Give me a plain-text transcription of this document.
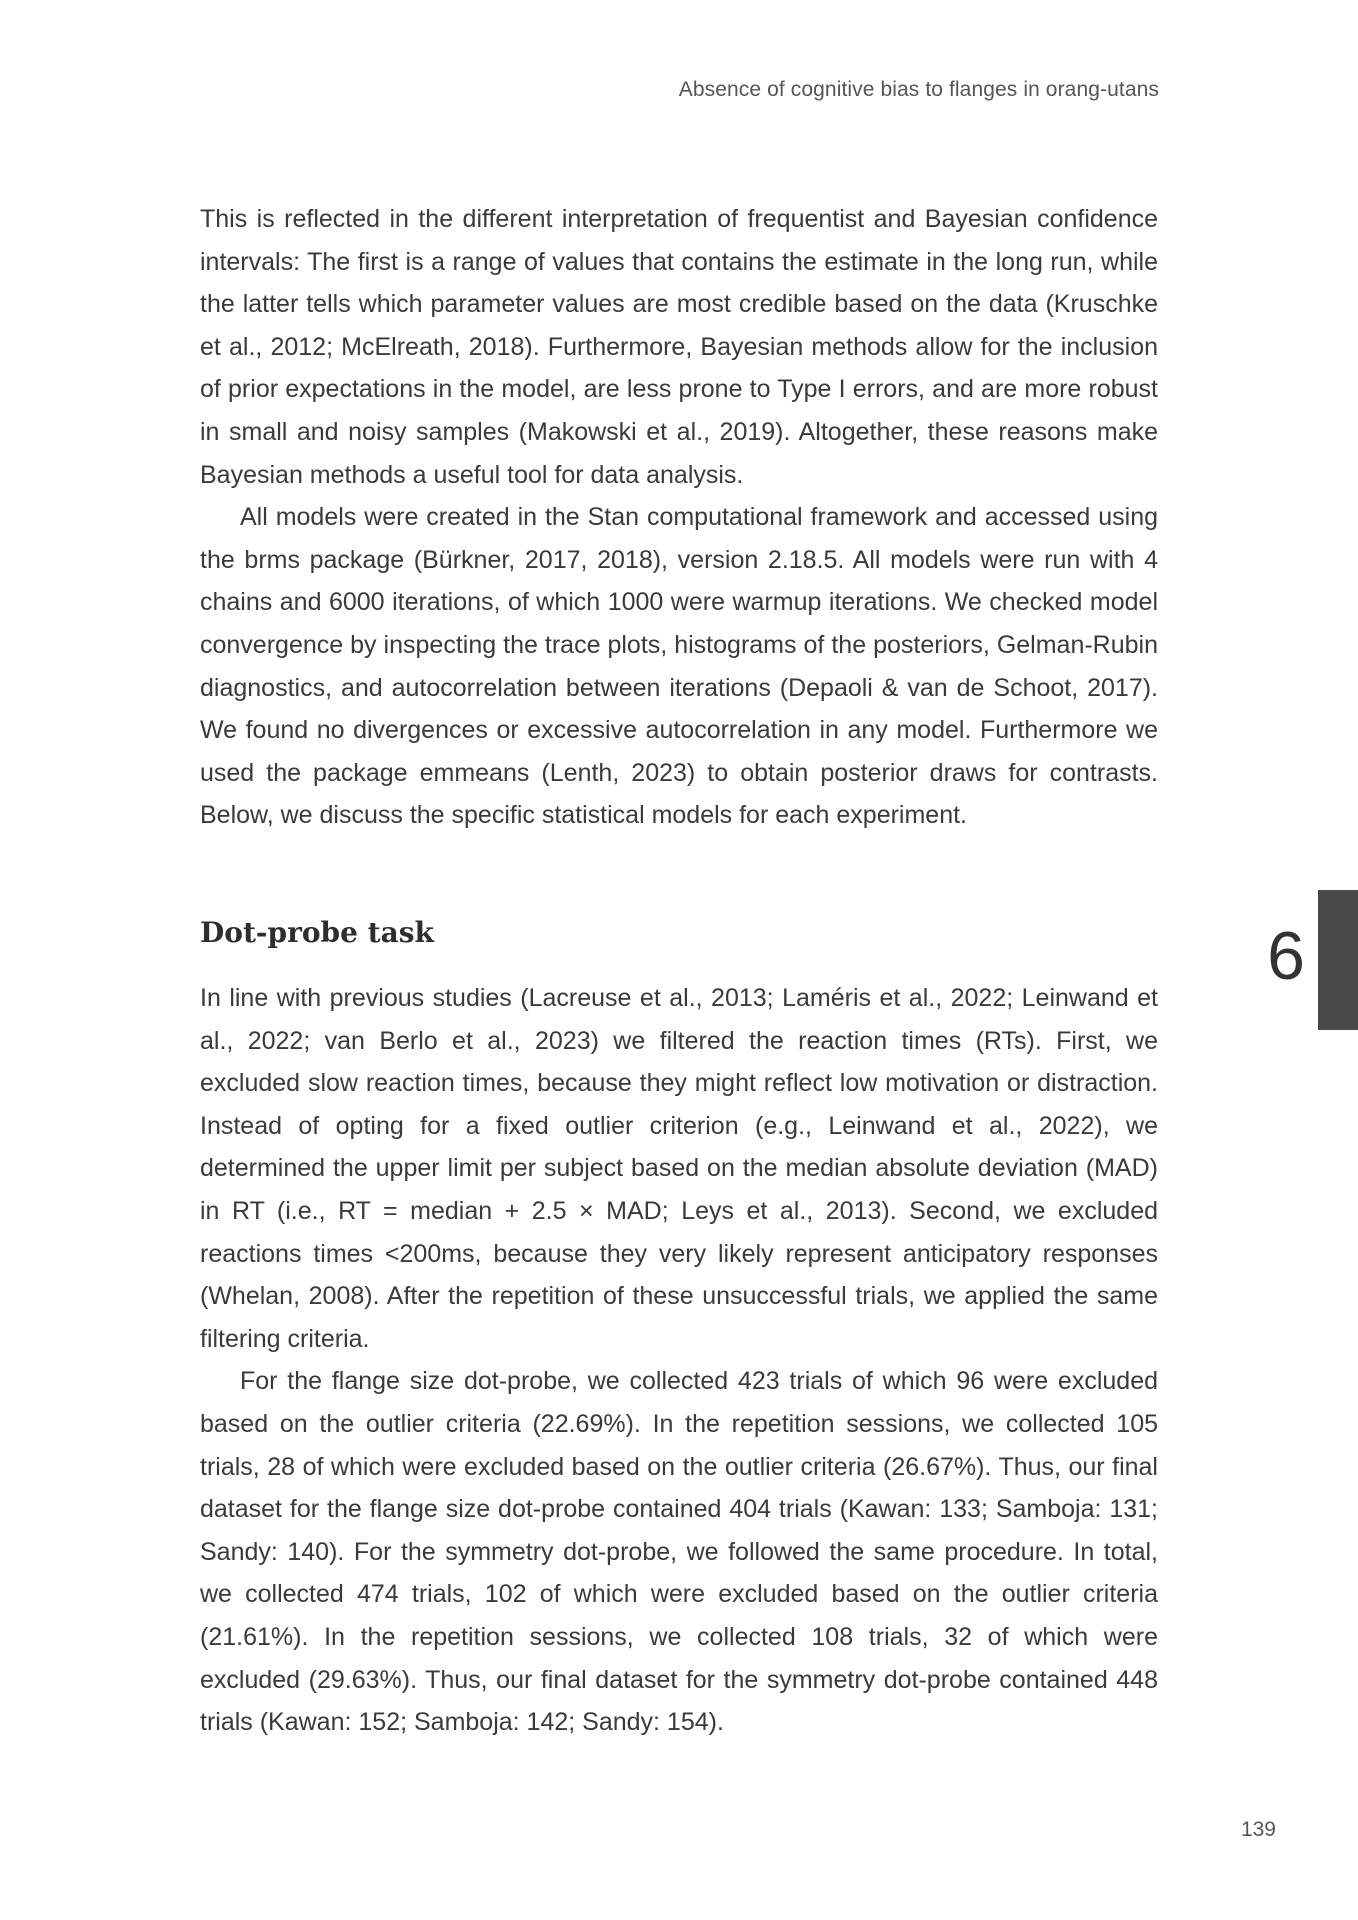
Absence of cognitive bias to flanges in orang-utans

This is reflected in the different interpretation of frequentist and Bayesian confidence intervals: The first is a range of values that contains the estimate in the long run, while the latter tells which parameter values are most credible based on the data (Kruschke et al., 2012; McElreath, 2018). Furthermore, Bayesian methods allow for the inclusion of prior expectations in the model, are less prone to Type I errors, and are more robust in small and noisy samples (Makowski et al., 2019). Altogether, these reasons make Bayesian methods a useful tool for data analysis.

All models were created in the Stan computational framework and accessed using the brms package (Bürkner, 2017, 2018), version 2.18.5. All models were run with 4 chains and 6000 iterations, of which 1000 were warmup iterations. We checked model convergence by inspecting the trace plots, histograms of the posteriors, Gelman-Rubin diagnostics, and autocorrelation between iterations (Depaoli & van de Schoot, 2017). We found no divergences or excessive autocorrelation in any model. Furthermore we used the package emmeans (Lenth, 2023) to obtain posterior draws for contrasts. Below, we discuss the specific statistical models for each experiment.

Dot-probe task

In line with previous studies (Lacreuse et al., 2013; Laméris et al., 2022; Leinwand et al., 2022; van Berlo et al., 2023) we filtered the reaction times (RTs). First, we excluded slow reaction times, because they might reflect low motivation or distraction. Instead of opting for a fixed outlier criterion (e.g., Leinwand et al., 2022), we determined the upper limit per subject based on the median absolute deviation (MAD) in RT (i.e., RT = median + 2.5 × MAD; Leys et al., 2013). Second, we excluded reactions times <200ms, because they very likely represent anticipatory responses (Whelan, 2008). After the repetition of these unsuccessful trials, we applied the same filtering criteria.

For the flange size dot-probe, we collected 423 trials of which 96 were excluded based on the outlier criteria (22.69%). In the repetition sessions, we collected 105 trials, 28 of which were excluded based on the outlier criteria (26.67%). Thus, our final dataset for the flange size dot-probe contained 404 trials (Kawan: 133; Samboja: 131; Sandy: 140). For the symmetry dot-probe, we followed the same procedure. In total, we collected 474 trials, 102 of which were excluded based on the outlier criteria (21.61%). In the repetition sessions, we collected 108 trials, 32 of which were excluded (29.63%). Thus, our final dataset for the symmetry dot-probe contained 448 trials (Kawan: 152; Samboja: 142; Sandy: 154).

6
139
